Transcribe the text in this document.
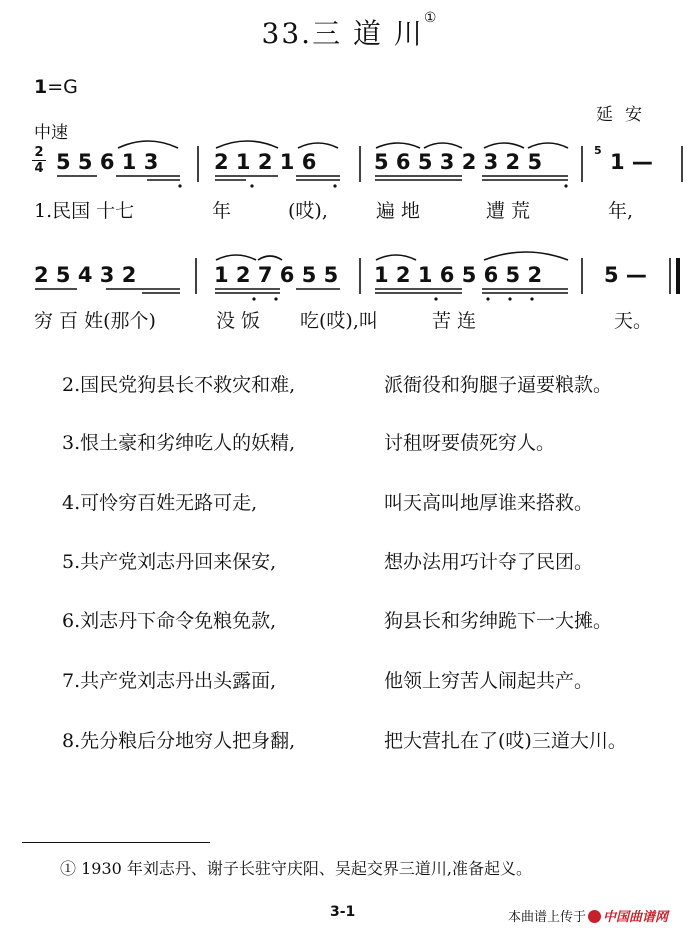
33.三 道 川①
1=G
延安
中速
2
4 5 5 6 1 3	2 1 2 1 6	5 6 5 3 2 3 2 5	5 1 —
1.民国 十七	年	(哎),	遍 地	遭 荒	年,
2 5 4 3 2	1 2 7 6 5 5 1 2 1 6 5 6 5 2	5 —
穷 百 姓(那个)	没 饭 吃(哎),叫	苦 连	天。
2.国民党狗县长不救灾和难,	派衙役和狗腿子逼要粮款。
3.恨土豪和劣绅吃人的妖精,	讨租呀要债死穷人。
4.可怜穷百姓无路可走,	叫天高叫地厚谁来搭救。
5.共产党刘志丹回来保安,	想办法用巧计夺了民团。
6.刘志丹下命令免粮免款,	狗县长和劣绅跪下一大摊。
7.共产党刘志丹出头露面,	他领上穷苦人闹起共产。
8.先分粮后分地穷人把身翻,	把大营扎在了(哎)三道大川。
① 1930 年刘志丹、谢子长驻守庆阳、吴起交界三道川,准备起义。
3-1	本曲谱上传于 中国曲谱网
